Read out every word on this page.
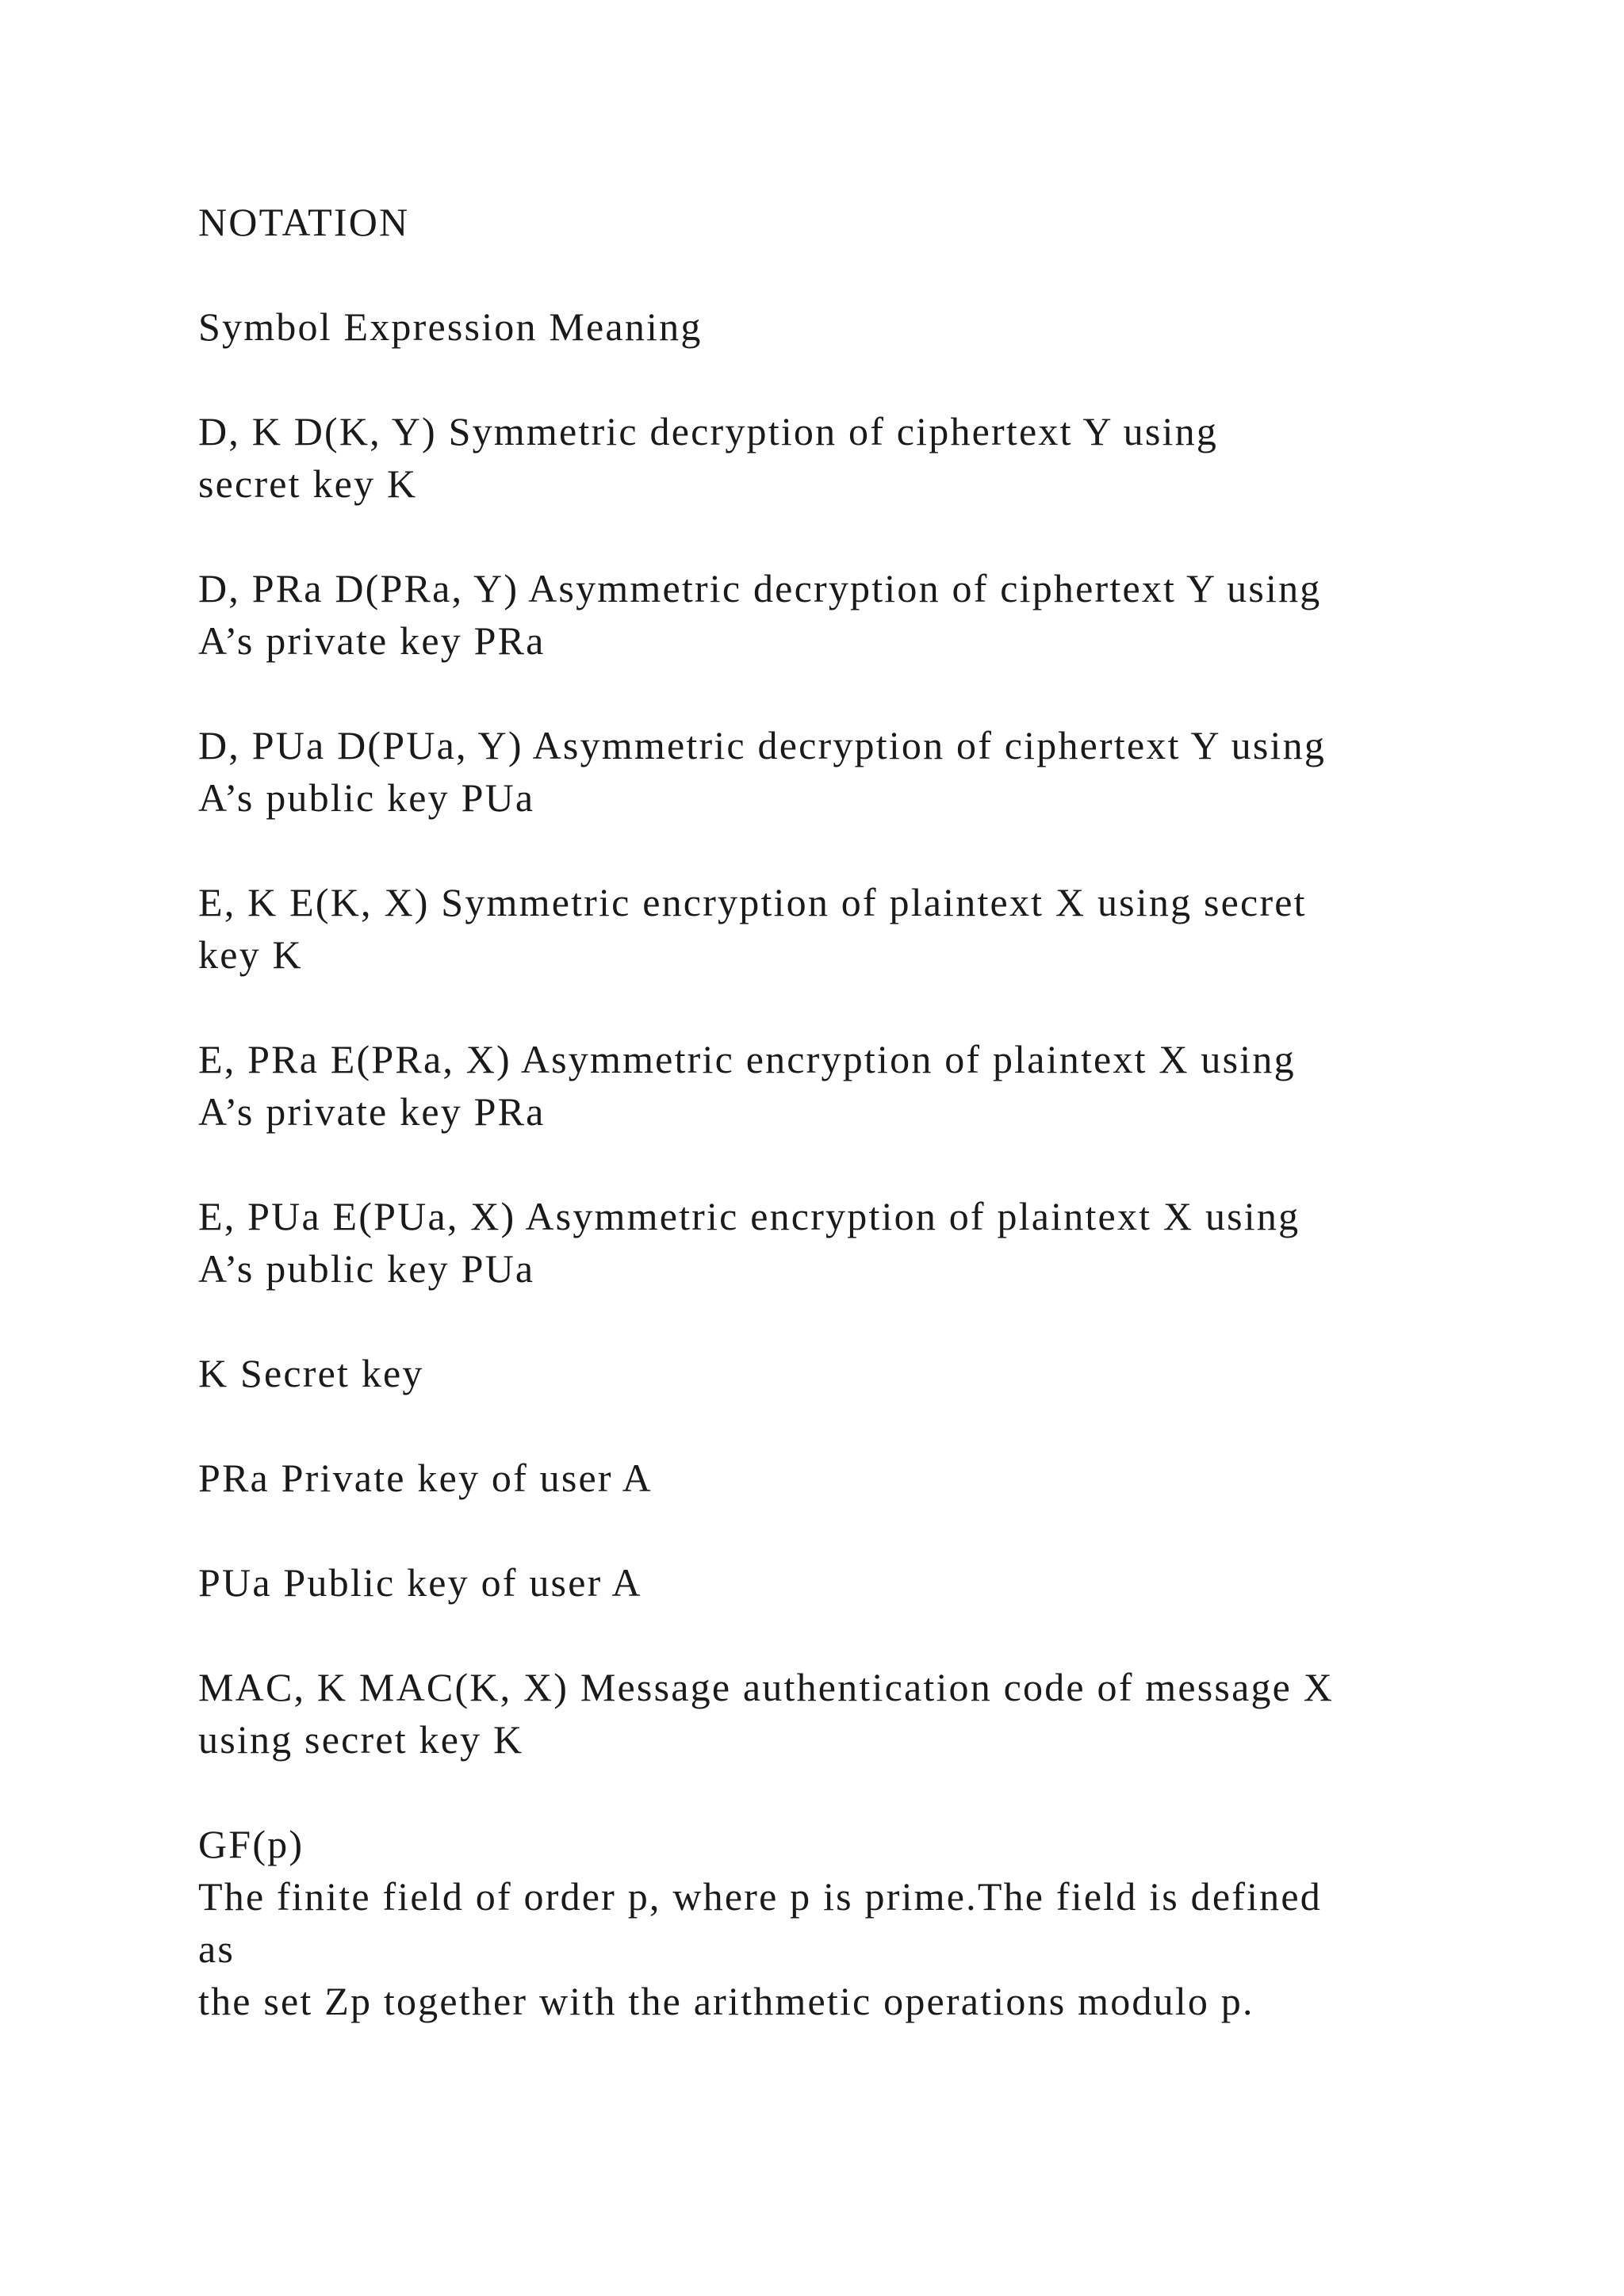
NOTATION

Symbol Expression Meaning

D, K D(K, Y) Symmetric decryption of ciphertext Y using
secret key K

D, PRa D(PRa, Y) Asymmetric decryption of ciphertext Y using
A’s private key PRa

D, PUa D(PUa, Y) Asymmetric decryption of ciphertext Y using
A’s public key PUa

E, K E(K, X) Symmetric encryption of plaintext X using secret
key K

E, PRa E(PRa, X) Asymmetric encryption of plaintext X using
A’s private key PRa

E, PUa E(PUa, X) Asymmetric encryption of plaintext X using
A’s public key PUa

K Secret key

PRa Private key of user A

PUa Public key of user A

MAC, K MAC(K, X) Message authentication code of message X
using secret key K

GF(p)
The finite field of order p, where p is prime.The field is defined
as
the set Zp together with the arithmetic operations modulo p.
